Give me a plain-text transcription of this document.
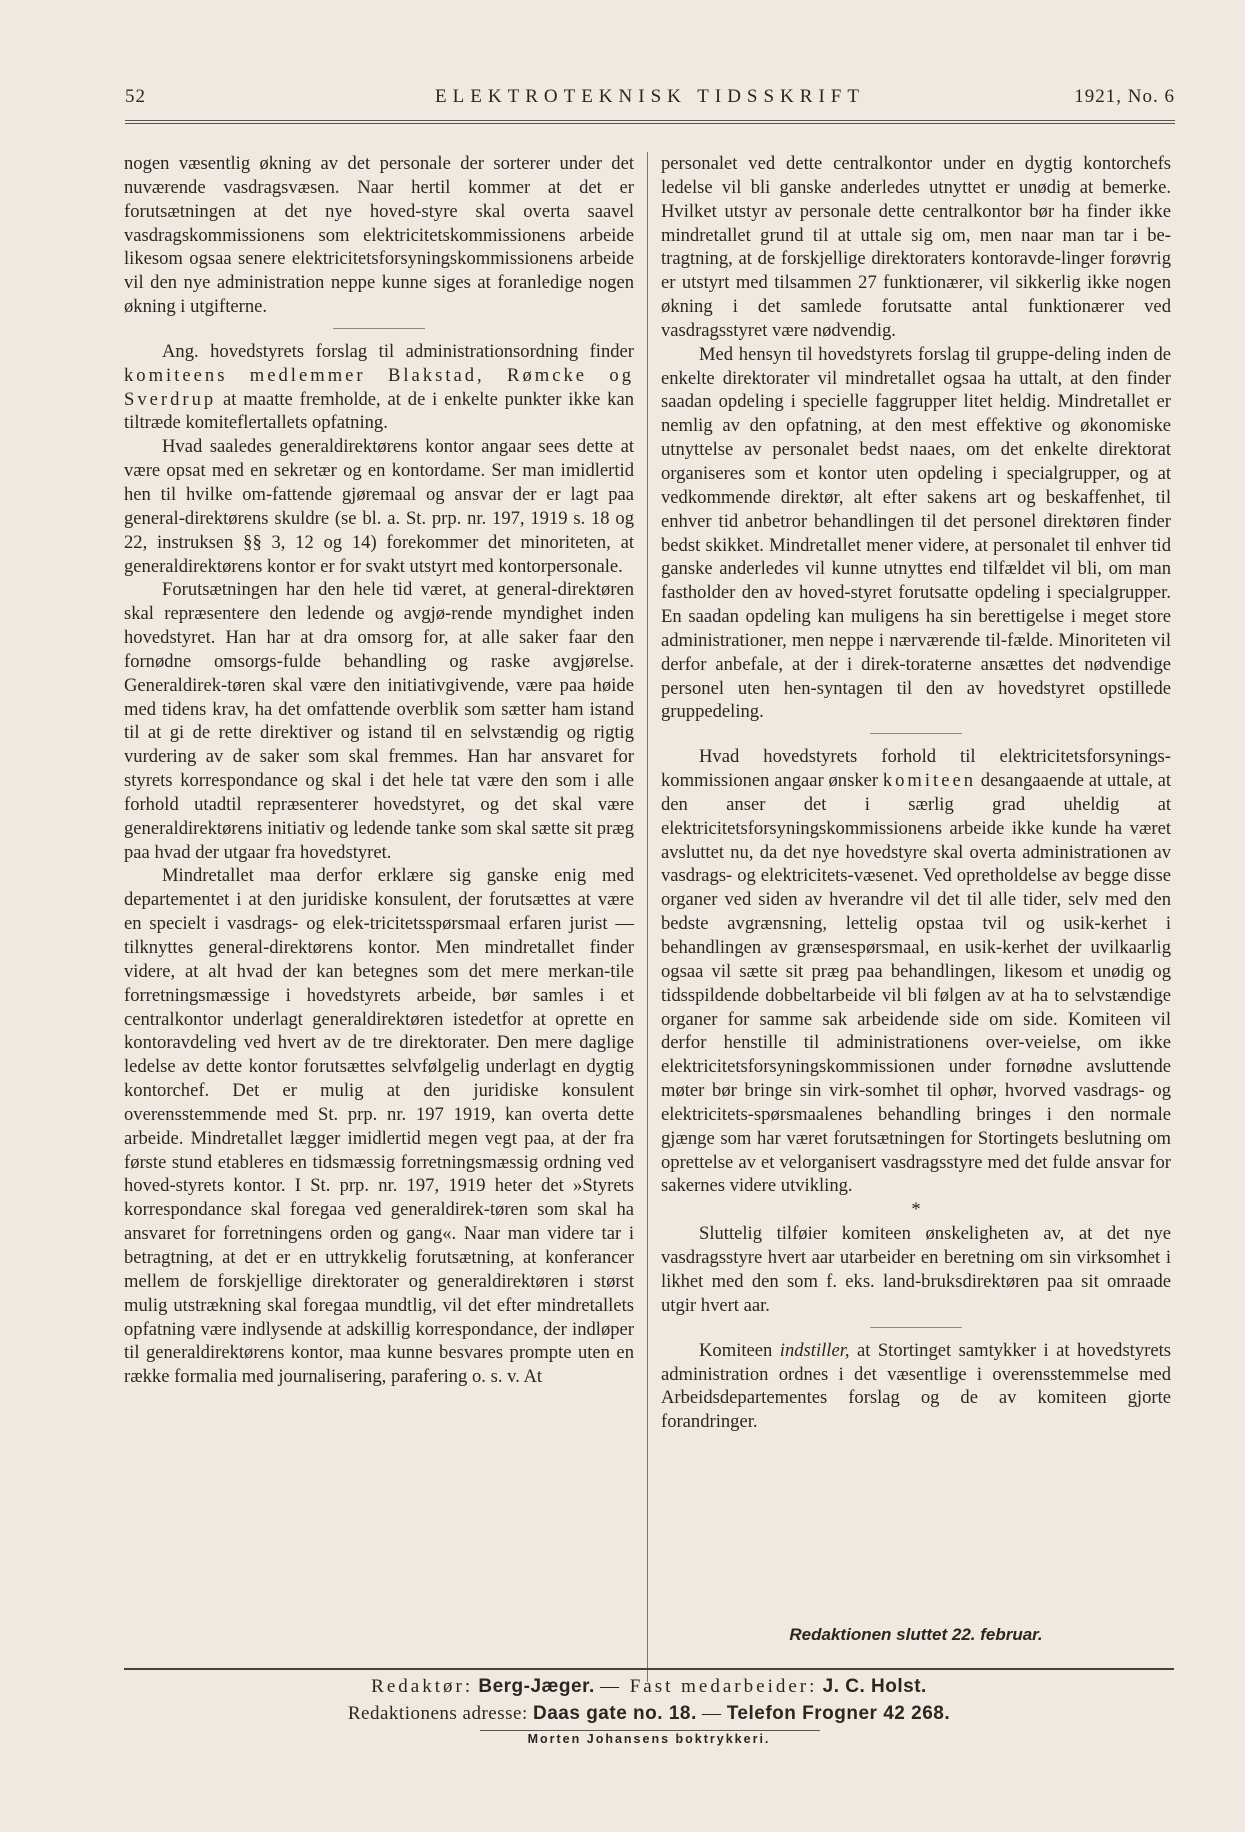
52	ELEKTROTEKNISK TIDSSKRIFT	1921, No. 6

nogen væsentlig økning av det personale der sorterer under det nuværende vasdragsvæsen. Naar hertil kommer at det er forutsætningen at det nye hoved-styre skal overta saavel vasdragskommissionens som elektricitetskommissionens arbeide likesom ogsaa senere elektricitetsforsyningskommissionens arbeide vil den nye administration neppe kunne siges at foranledige nogen økning i utgifterne.

Ang. hovedstyrets forslag til administrationsordning finder komiteens medlemmer Blakstad, Rømcke og Sverdrup at maatte fremholde, at de i enkelte punkter ikke kan tiltræde komiteflertallets opfatning.

Hvad saaledes generaldirektørens kontor angaar sees dette at være opsat med en sekretær og en kontordame. Ser man imidlertid hen til hvilke om-fattende gjøremaal og ansvar der er lagt paa general-direktørens skuldre (se bl. a. St. prp. nr. 197, 1919 s. 18 og 22, instruksen §§ 3, 12 og 14) forekommer det minoriteten, at generaldirektørens kontor er for svakt utstyrt med kontorpersonale.

Forutsætningen har den hele tid været, at general-direktøren skal repræsentere den ledende og avgjø-rende myndighet inden hovedstyret. Han har at dra omsorg for, at alle saker faar den fornødne omsorgs-fulde behandling og raske avgjørelse. Generaldirek-tøren skal være den initiativgivende, være paa høide med tidens krav, ha det omfattende overblik som sætter ham istand til at gi de rette direktiver og istand til en selvstændig og rigtig vurdering av de saker som skal fremmes. Han har ansvaret for styrets korrespondance og skal i det hele tat være den som i alle forhold utadtil repræsenterer hovedstyret, og det skal være generaldirektørens initiativ og ledende tanke som skal sætte sit præg paa hvad der utgaar fra hovedstyret.

Mindretallet maa derfor erklære sig ganske enig med departementet i at den juridiske konsulent, der forutsættes at være en specielt i vasdrags- og elek-tricitetsspørsmaal erfaren jurist — tilknyttes general-direktørens kontor. Men mindretallet finder videre, at alt hvad der kan betegnes som det mere merkan-tile forretningsmæssige i hovedstyrets arbeide, bør samles i et centralkontor underlagt generaldirektøren istedetfor at oprette en kontoravdeling ved hvert av de tre direktorater. Den mere daglige ledelse av dette kontor forutsættes selvfølgelig underlagt en dygtig kontorchef. Det er mulig at den juridiske konsulent overensstemmende med St. prp. nr. 197 1919, kan overta dette arbeide. Mindretallet lægger imidlertid megen vegt paa, at der fra første stund etableres en tidsmæssig forretningsmæssig ordning ved hoved-styrets kontor. I St. prp. nr. 197, 1919 heter det »Styrets korrespondance skal foregaa ved generaldirek-tøren som skal ha ansvaret for forretningens orden og gang«. Naar man videre tar i betragtning, at det er en uttrykkelig forutsætning, at konferancer mellem de forskjellige direktorater og generaldirektøren i størst mulig utstrækning skal foregaa mundtlig, vil det efter mindretallets opfatning være indlysende at adskillig korrespondance, der indløper til generaldirektørens kontor, maa kunne besvares prompte uten en række formalia med journalisering, parafering o. s. v. At

personalet ved dette centralkontor under en dygtig kontorchefs ledelse vil bli ganske anderledes utnyttet er unødig at bemerke. Hvilket utstyr av personale dette centralkontor bør ha finder ikke mindretallet grund til at uttale sig om, men naar man tar i be-tragtning, at de forskjellige direktoraters kontoravde-linger forøvrig er utstyrt med tilsammen 27 funktionærer, vil sikkerlig ikke nogen økning i det samlede forutsatte antal funktionærer ved vasdragsstyret være nødvendig.

Med hensyn til hovedstyrets forslag til gruppe-deling inden de enkelte direktorater vil mindretallet ogsaa ha uttalt, at den finder saadan opdeling i specielle faggrupper litet heldig. Mindretallet er nemlig av den opfatning, at den mest effektive og økonomiske utnyttelse av personalet bedst naaes, om det enkelte direktorat organiseres som et kontor uten opdeling i specialgrupper, og at vedkommende direktør, alt efter sakens art og beskaffenhet, til enhver tid anbetror behandlingen til det personel direktøren finder bedst skikket. Mindretallet mener videre, at personalet til enhver tid ganske anderledes vil kunne utnyttes end tilfældet vil bli, om man fastholder den av hoved-styret forutsatte opdeling i specialgrupper. En saadan opdeling kan muligens ha sin berettigelse i meget store administrationer, men neppe i nærværende til-fælde. Minoriteten vil derfor anbefale, at der i direk-toraterne ansættes det nødvendige personel uten hen-syntagen til den av hovedstyret opstillede gruppedeling.

Hvad hovedstyrets forhold til elektricitetsforsynings-kommissionen angaar ønsker komiteen desangaaende at uttale, at den anser det i særlig grad uheldig at elektricitetsforsyningskommissionens arbeide ikke kunde ha været avsluttet nu, da det nye hovedstyre skal overta administrationen av vasdrags- og elektricitets-væsenet. Ved opretholdelse av begge disse organer ved siden av hverandre vil det til alle tider, selv med den bedste avgrænsning, lettelig opstaa tvil og usik-kerhet i behandlingen av grænsespørsmaal, en usik-kerhet der uvilkaarlig ogsaa vil sætte sit præg paa behandlingen, likesom et unødig og tidsspildende dobbeltarbeide vil bli følgen av at ha to selvstændige organer for samme sak arbeidende side om side. Komiteen vil derfor henstille til administrationens over-veielse, om ikke elektricitetsforsyningskommissionen under fornødne avsluttende møter bør bringe sin virk-somhet til ophør, hvorved vasdrags- og elektricitets-spørsmaalenes behandling bringes i den normale gjænge som har været forutsætningen for Stortingets beslutning om oprettelse av et velorganisert vasdragsstyre med det fulde ansvar for sakernes videre utvikling.

*

Sluttelig tilføier komiteen ønskeligheten av, at det nye vasdragsstyre hvert aar utarbeider en beretning om sin virksomhet i likhet med den som f. eks. land-bruksdirektøren paa sit omraade utgir hvert aar.

Komiteen indstiller, at Stortinget samtykker i at hovedstyrets administration ordnes i det væsentlige i overensstemmelse med Arbeidsdepartementes forslag og de av komiteen gjorte forandringer.

Redaktionen sluttet 22. februar.
Redaktør: Berg-Jæger. — Fast medarbeider: J. C. Holst.
Redaktionens adresse: Daas gate no. 18. — Telefon Frogner 42 268.
Morten Johansens boktrykkeri.
